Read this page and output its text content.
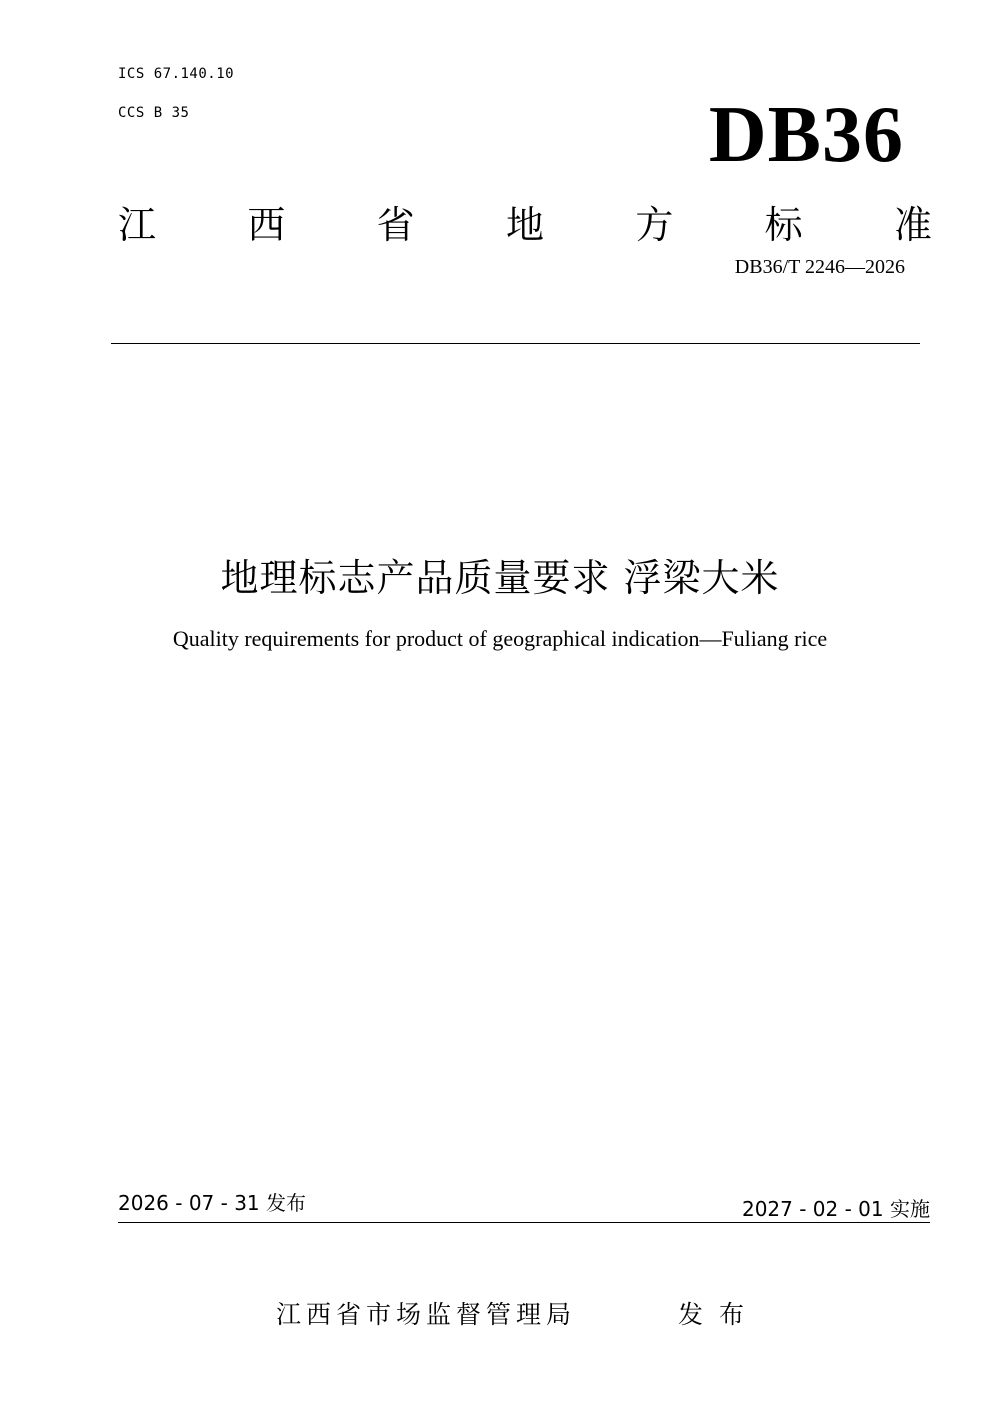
ICS 67.140.10
CCS B 35	DB36
江 西 省 地 方 标 准
DB36/T 2246—2026
地理标志产品质量要求 浮梁大米
Quality requirements for product of geographical indication—Fuliang rice
2026 - 07 - 31 发布	2027 - 02 - 01 实施
江西省市场监督管理局	发布
